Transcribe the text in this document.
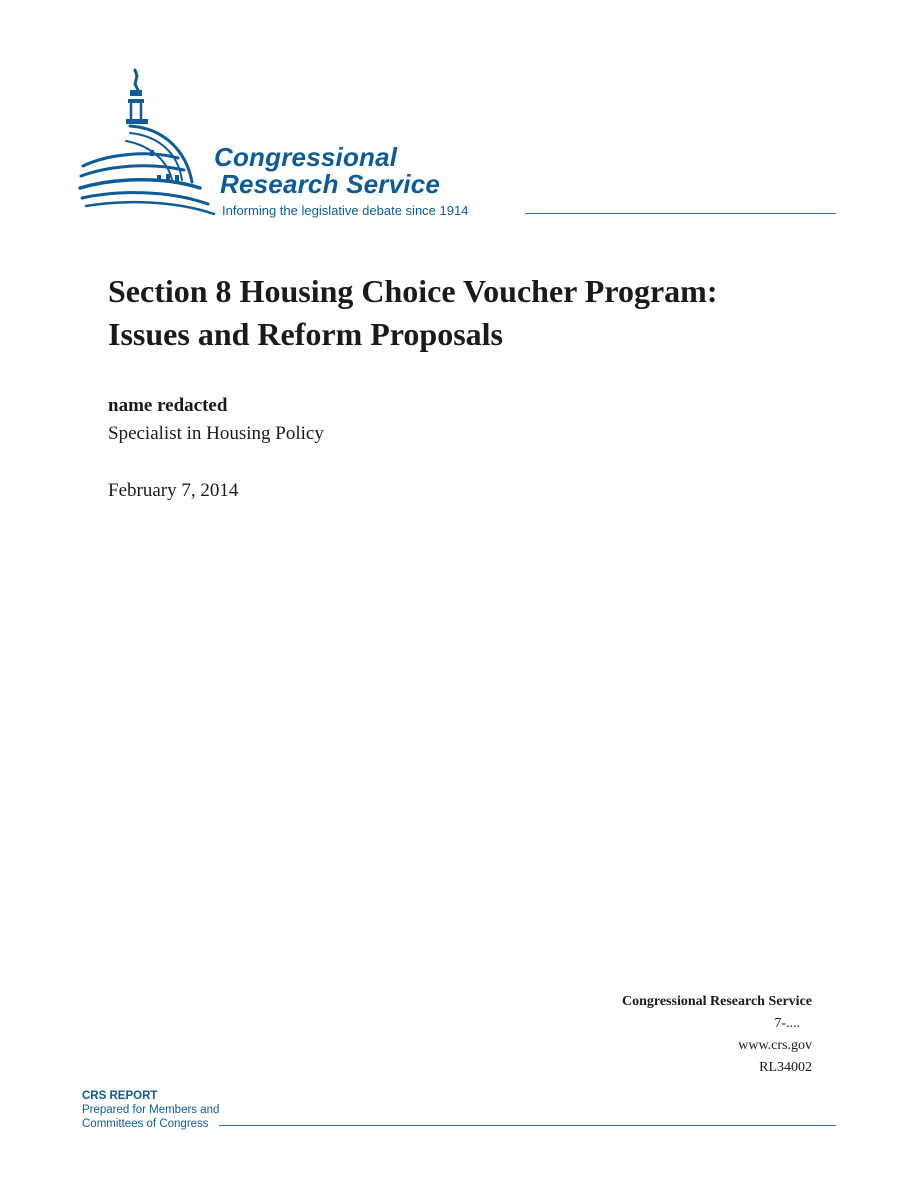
Congressional
Research Service
Informing the legislative debate since 1914
Section 8 Housing Choice Voucher Program:
Issues and Reform Proposals
name redacted
Specialist in Housing Policy
February 7, 2014
Congressional Research Service
7-....
www.crs.gov
RL34002
CRS REPORT
Prepared for Members and
Committees of Congress
